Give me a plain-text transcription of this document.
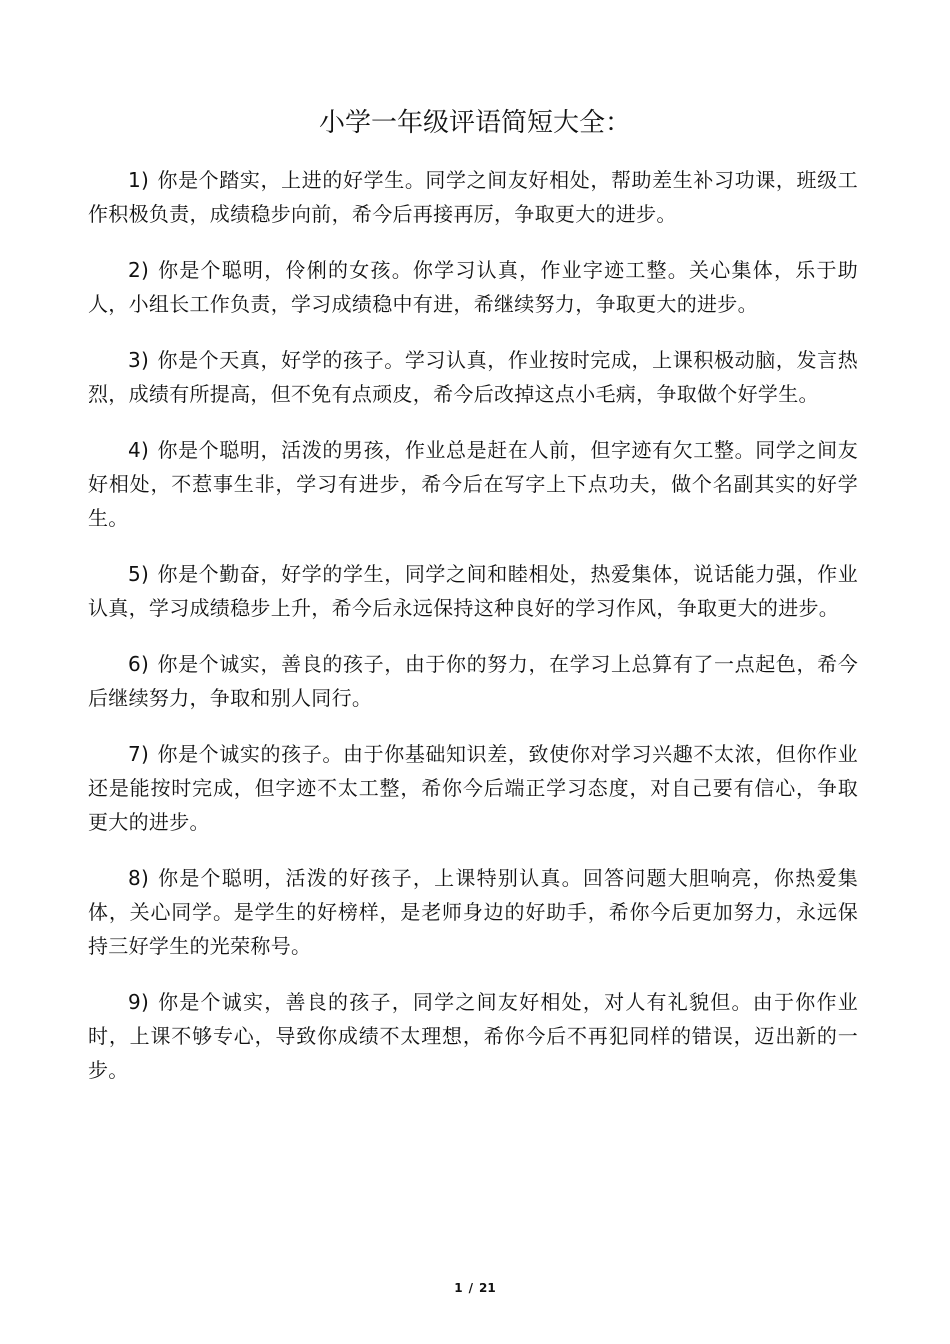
小学一年级评语简短大全：

1) 你是个踏实，上进的好学生。同学之间友好相处，帮助差生补习功课，班级工作积极负责，成绩稳步向前，希今后再接再厉，争取更大的进步。

2) 你是个聪明，伶俐的女孩。你学习认真，作业字迹工整。关心集体，乐于助人，小组长工作负责，学习成绩稳中有进，希继续努力，争取更大的进步。

3) 你是个天真，好学的孩子。学习认真，作业按时完成，上课积极动脑，发言热烈，成绩有所提高，但不免有点顽皮，希今后改掉这点小毛病，争取做个好学生。

4) 你是个聪明，活泼的男孩，作业总是赶在人前，但字迹有欠工整。同学之间友好相处，不惹事生非，学习有进步，希今后在写字上下点功夫，做个名副其实的好学生。

5) 你是个勤奋，好学的学生，同学之间和睦相处，热爱集体，说话能力强，作业认真，学习成绩稳步上升，希今后永远保持这种良好的学习作风，争取更大的进步。

6) 你是个诚实，善良的孩子，由于你的努力，在学习上总算有了一点起色，希今后继续努力，争取和别人同行。

7) 你是个诚实的孩子。由于你基础知识差，致使你对学习兴趣不太浓，但你作业还是能按时完成，但字迹不太工整，希你今后端正学习态度，对自己要有信心，争取更大的进步。

8) 你是个聪明，活泼的好孩子，上课特别认真。回答问题大胆响亮，你热爱集体，关心同学。是学生的好榜样，是老师身边的好助手，希你今后更加努力，永远保持三好学生的光荣称号。

9) 你是个诚实，善良的孩子，同学之间友好相处，对人有礼貌但。由于你作业时，上课不够专心，导致你成绩不太理想，希你今后不再犯同样的错误，迈出新的一步。

1 / 21
